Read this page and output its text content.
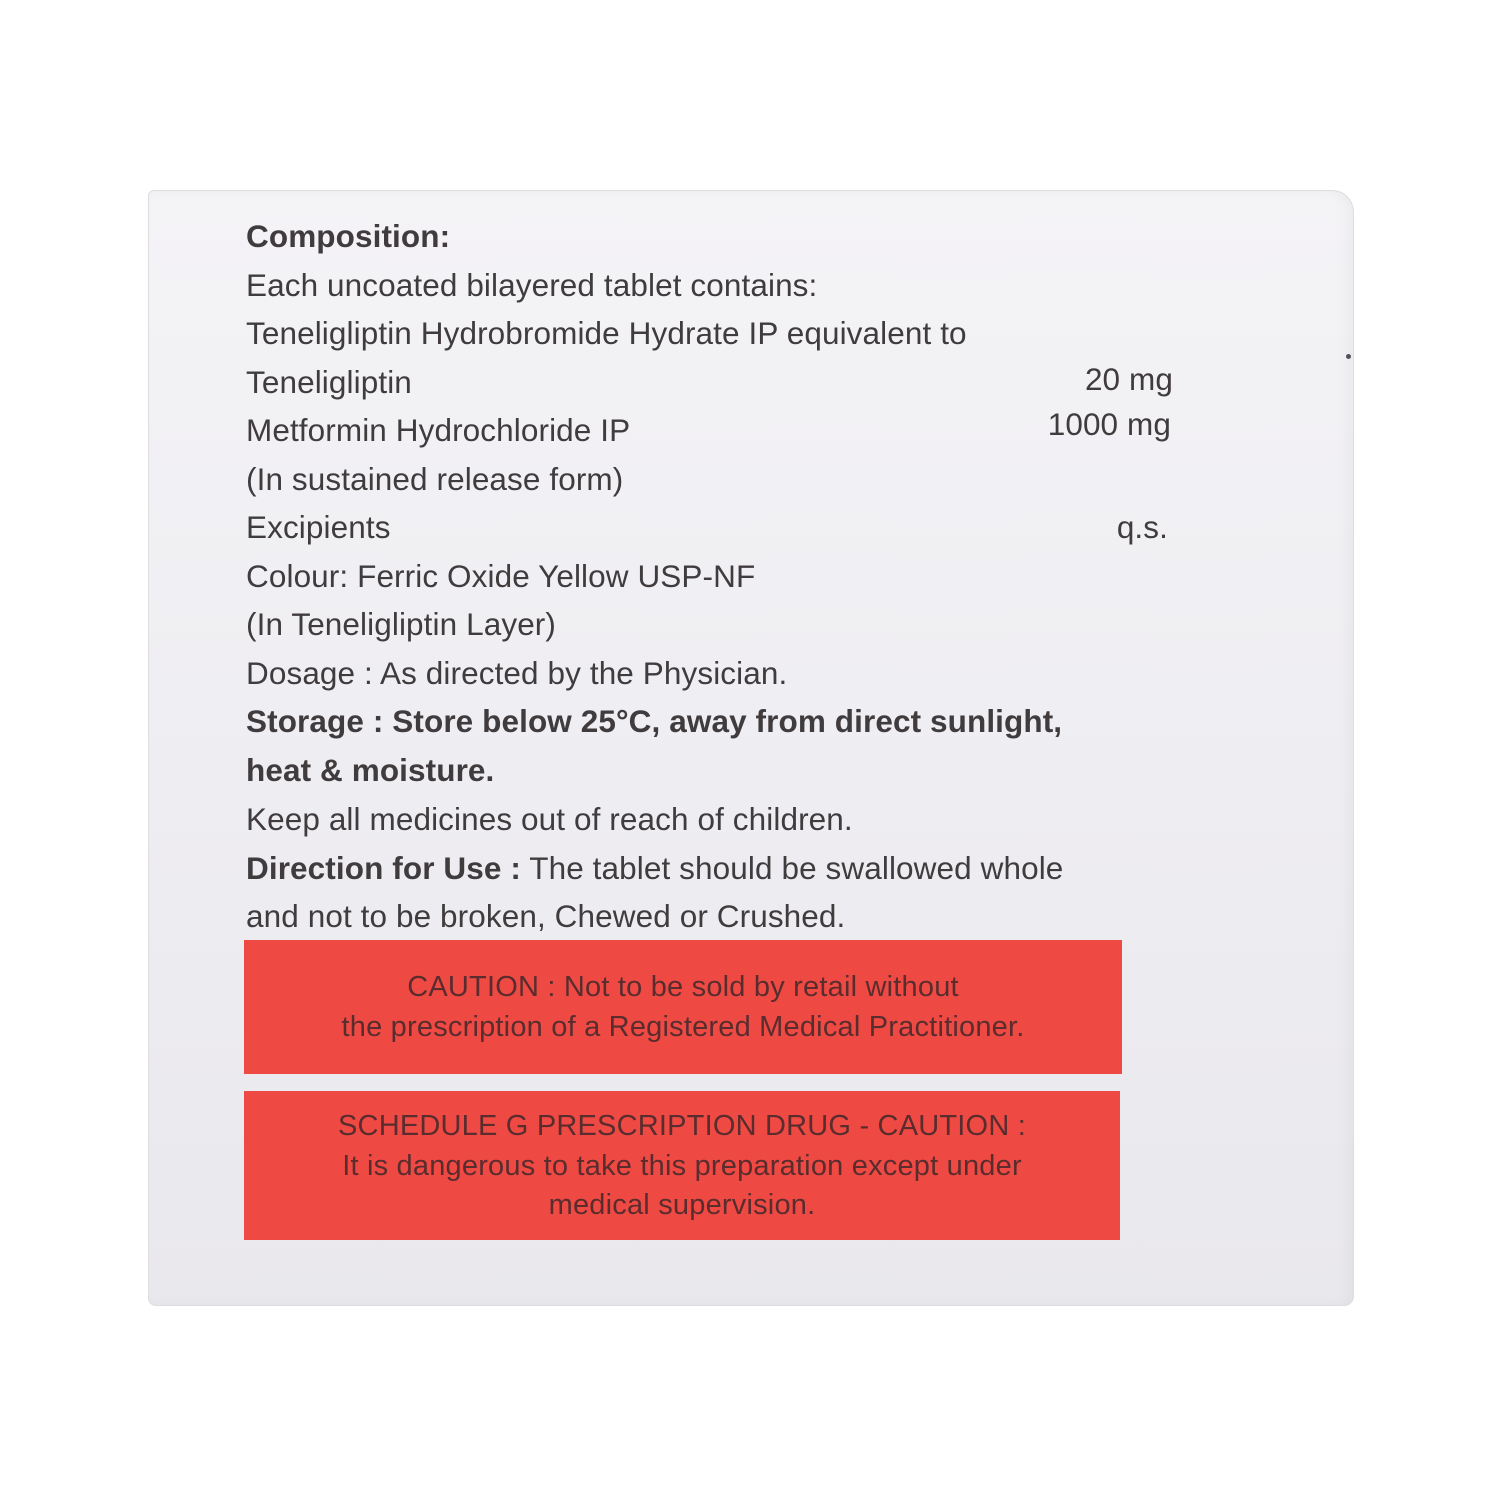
Composition:
Each uncoated bilayered tablet contains:
Teneligliptin Hydrobromide Hydrate IP equivalent to
Teneligliptin	20 mg
Metformin Hydrochloride IP	1000 mg
(In sustained release form)
Excipients	q.s.
Colour: Ferric Oxide Yellow USP-NF
(In Teneligliptin Layer)
Dosage : As directed by the Physician.
Storage : Store below 25°C, away from direct sunlight,
heat & moisture.
Keep all medicines out of reach of children.
Direction for Use : The tablet should be swallowed whole
and not to be broken, Chewed or Crushed.
CAUTION : Not to be sold by retail without
the prescription of a Registered Medical Practitioner.
SCHEDULE G PRESCRIPTION DRUG - CAUTION :
It is dangerous to take this preparation except under
medical supervision.
